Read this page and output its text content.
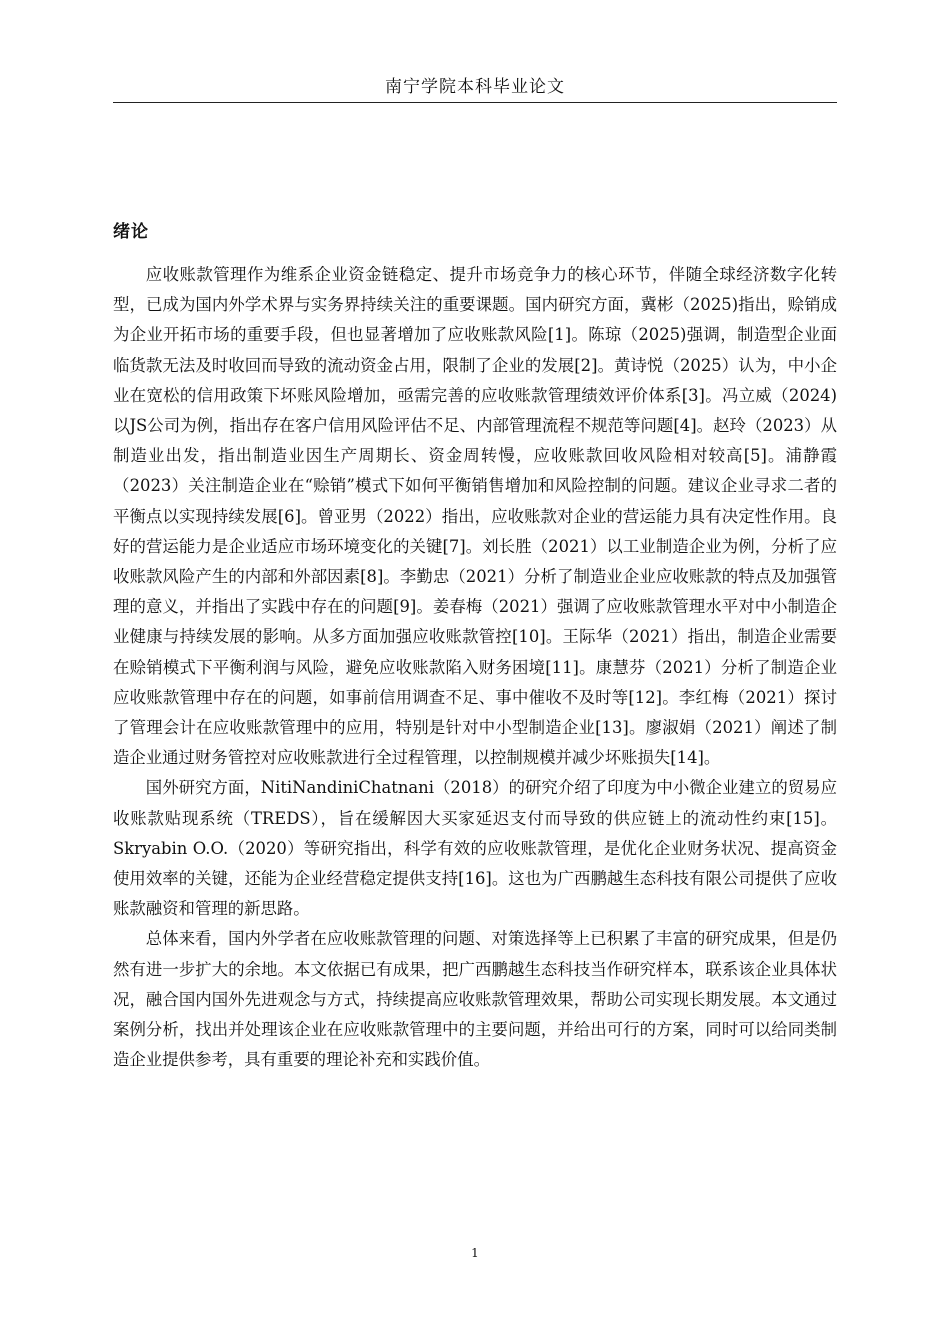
南宁学院本科毕业论文
绪论

应收账款管理作为维系企业资金链稳定、提升市场竞争力的核心环节，伴随全球经济数字化转型，已成为国内外学术界与实务界持续关注的重要课题。国内研究方面，冀彬（2025)指出，赊销成为企业开拓市场的重要手段，但也显著增加了应收账款风险[1]。陈琼（2025)强调，制造型企业面临货款无法及时收回而导致的流动资金占用，限制了企业的发展[2]。黄诗悦（2025）认为，中小企业在宽松的信用政策下坏账风险增加，亟需完善的应收账款管理绩效评价体系[3]。冯立威（2024)以JS公司为例，指出存在客户信用风险评估不足、内部管理流程不规范等问题[4]。赵玲（2023）从制造业出发，指出制造业因生产周期长、资金周转慢，应收账款回收风险相对较高[5]。浦静霞（2023）关注制造企业在“赊销”模式下如何平衡销售增加和风险控制的问题。建议企业寻求二者的平衡点以实现持续发展[6]。曾亚男（2022）指出，应收账款对企业的营运能力具有决定性作用。良好的营运能力是企业适应市场环境变化的关键[7]。刘长胜（2021）以工业制造企业为例，分析了应收账款风险产生的内部和外部因素[8]。李勤忠（2021）分析了制造业企业应收账款的特点及加强管理的意义，并指出了实践中存在的问题[9]。姜春梅（2021）强调了应收账款管理水平对中小制造企业健康与持续发展的影响。从多方面加强应收账款管控[10]。王际华（2021）指出，制造企业需要在赊销模式下平衡利润与风险，避免应收账款陷入财务困境[11]。康慧芬（2021）分析了制造企业应收账款管理中存在的问题，如事前信用调查不足、事中催收不及时等[12]。李红梅（2021）探讨了管理会计在应收账款管理中的应用，特别是针对中小型制造企业[13]。廖淑娟（2021）阐述了制造企业通过财务管控对应收账款进行全过程管理，以控制规模并减少坏账损失[14]。

国外研究方面，NitiNandiniChatnani（2018）的研究介绍了印度为中小微企业建立的贸易应收账款贴现系统（TREDS），旨在缓解因大买家延迟支付而导致的供应链上的流动性约束[15]。Skryabin O.O.（2020）等研究指出，科学有效的应收账款管理，是优化企业财务状况、提高资金使用效率的关键，还能为企业经营稳定提供支持[16]。这也为广西鹏越生态科技有限公司提供了应收账款融资和管理的新思路。

总体来看，国内外学者在应收账款管理的问题、对策选择等上已积累了丰富的研究成果，但是仍然有进一步扩大的余地。本文依据已有成果，把广西鹏越生态科技当作研究样本，联系该企业具体状况，融合国内国外先进观念与方式，持续提高应收账款管理效果，帮助公司实现长期发展。本文通过案例分析，找出并处理该企业在应收账款管理中的主要问题，并给出可行的方案，同时可以给同类制造企业提供参考，具有重要的理论补充和实践价值。

1
